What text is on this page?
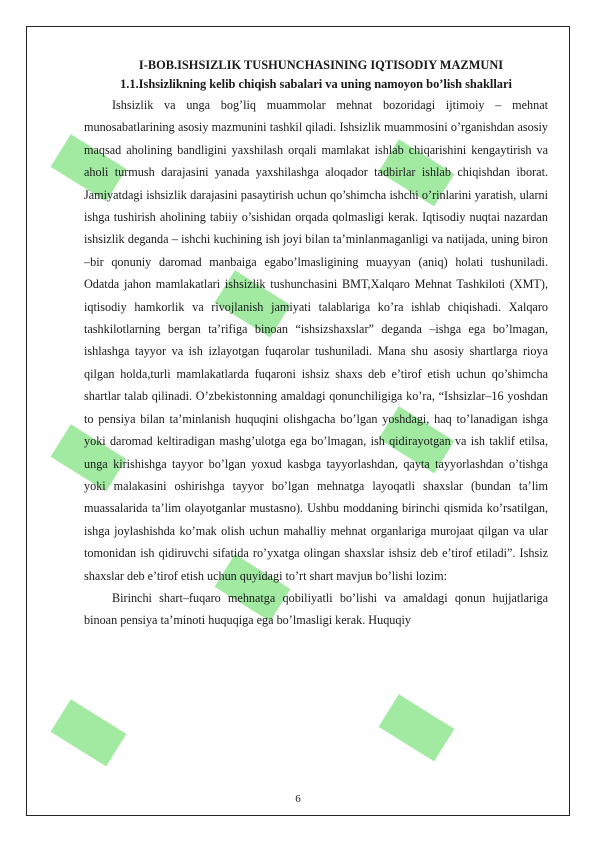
█
█
█
█
█
█
█
█
I-BOB.ISHSIZLIK TUSHUNCHASINING IQTISODIY MAZMUNI
1.1.Ishsizlikning kelib chiqish sabalari va uning namoyon bo’lish shakllari

Ishsizlik va unga bog’liq muammolar mehnat bozoridagi ijtimoiy – mehnat munosabatlarining asosiy mazmunini tashkil qiladi. Ishsizlik muammosini o’rganishdan asosiy maqsad aholining bandligini yaxshilash orqali mamlakat ishlab chiqarishini kengaytirish va aholi turmush darajasini yanada yaxshilashga aloqador tadbirlar ishlab chiqishdan iborat. Jamiyatdagi ishsizlik darajasini pasaytirish uchun qo’shimcha ishchi o’rinlarini yaratish, ularni ishga tushirish aholining tabiiy o’sishidan orqada qolmasligi kerak. Iqtisodiy nuqtai nazardan ishsizlik deganda – ishchi kuchining ish joyi bilan ta’minlanmaganligi va natijada, uning biron –bir qonuniy daromad manbaiga egabo’lmasligining muayyan (aniq) holati tushuniladi. Odatda jahon mamlakatlari ishsizlik tushunchasini BMT,Xalqaro Mehnat Tashkiloti (XMT), iqtisodiy hamkorlik va rivojlanish jamiyati talablariga ko’ra ishlab chiqishadi. Xalqaro tashkilotlarning bergan ta’rifiga binoan “ishsizshaxslar” deganda –ishga ega bo’lmagan, ishlashga tayyor va ish izlayotgan fuqarolar tushuniladi. Mana shu asosiy shartlarga rioya qilgan holda,turli mamlakatlarda fuqaroni ishsiz shaxs deb e’tirof etish uchun qo’shimcha shartlar talab qilinadi. O’zbekistonning amaldagi qonunchiligiga ko’ra, “Ishsizlar–16 yoshdan to pensiya bilan ta’minlanish huquqini olishgacha bo’lgan yoshdagi, haq to’lanadigan ishga yoki daromad keltiradigan mashg’ulotga ega bo’lmagan, ish qidirayotgan va ish taklif etilsa, unga kirishishga tayyor bo’lgan yoxud kasbga tayyorlashdan, qayta tayyorlashdan o’tishga yoki malakasini oshirishga tayyor bo’lgan mehnatga layoqatli shaxslar (bundan ta’lim muassalarida ta’lim olayotganlar mustasno). Ushbu moddaning birinchi qismida ko’rsatilgan, ishga joylashishda ko’mak olish uchun mahalliy mehnat organlariga murojaat qilgan va ular tomonidan ish qidiruvchi sifatida ro’yxatga olingan shaxslar ishsiz deb e’tirof etiladi”. Ishsiz shaxslar deb e’tirof etish uchun quyidagi to’rt shart mavjuв bo’lishi lozim:

Birinchi shart–fuqaro mehnatga qobiliyatli bo’lishi va amaldagi qonun hujjatlariga binoan pensiya ta’minoti huquqiga ega bo’lmasligi kerak. Huquqiy

6
